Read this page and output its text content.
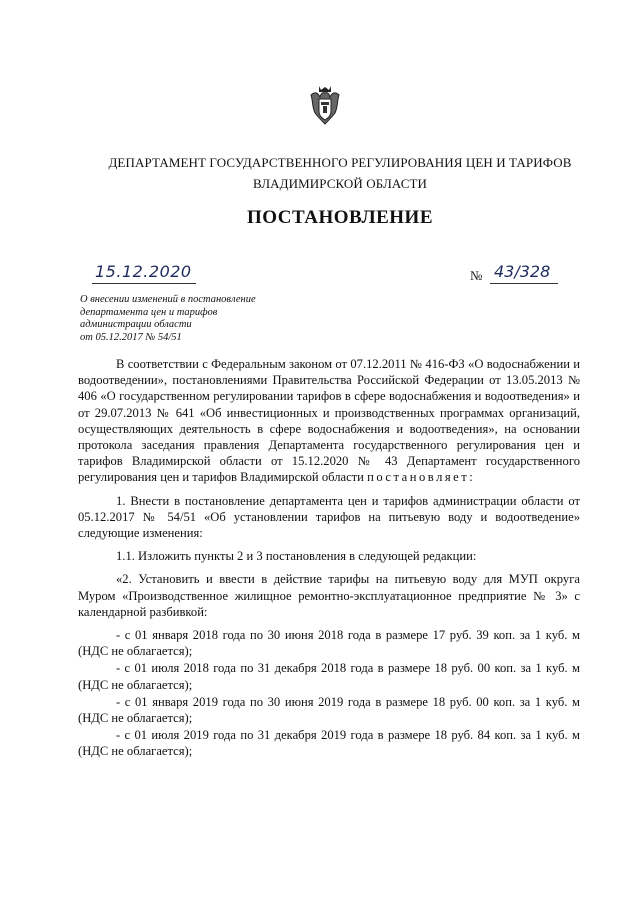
ДЕПАРТАМЕНТ ГОСУДАРСТВЕННОГО РЕГУЛИРОВАНИЯ ЦЕН И ТАРИФОВ
ВЛАДИМИРСКОЙ ОБЛАСТИ
ПОСТАНОВЛЕНИЕ
15.12.2020	№ 43/328
О внесении изменений в постановление
департамента цен и тарифов
администрации области
от 05.12.2017 № 54/51

В соответствии с Федеральным законом от 07.12.2011 № 416-ФЗ «О водоснабжении и водоотведении», постановлениями Правительства Российской Федерации от 13.05.2013 № 406 «О государственном регулировании тарифов в сфере водоснабжения и водоотведения» и от 29.07.2013 № 641 «Об инвестиционных и производственных программах организаций, осуществляющих деятельность в сфере водоснабжения и водоотведения», на основании протокола заседания правления Департамента государственного регулирования цен и тарифов Владимирской области от 15.12.2020 № 43 Департамент государственного регулирования цен и тарифов Владимирской области постановляет:

1. Внести в постановление департамента цен и тарифов администрации области от 05.12.2017 № 54/51 «Об установлении тарифов на питьевую воду и водоотведение» следующие изменения:

1.1. Изложить пункты 2 и 3 постановления в следующей редакции:

«2. Установить и ввести в действие тарифы на питьевую воду для МУП округа Муром «Производственное жилищное ремонтно-эксплуатационное предприятие № 3» с календарной разбивкой:

- с 01 января 2018 года по 30 июня 2018 года в размере 17 руб. 39 коп. за 1 куб. м (НДС не облагается);

- с 01 июля 2018 года по 31 декабря 2018 года в размере 18 руб. 00 коп. за 1 куб. м (НДС не облагается);

- с 01 января 2019 года по 30 июня 2019 года в размере 18 руб. 00 коп. за 1 куб. м (НДС не облагается);

- с 01 июля 2019 года по 31 декабря 2019 года в размере 18 руб. 84 коп. за 1 куб. м (НДС не облагается);
